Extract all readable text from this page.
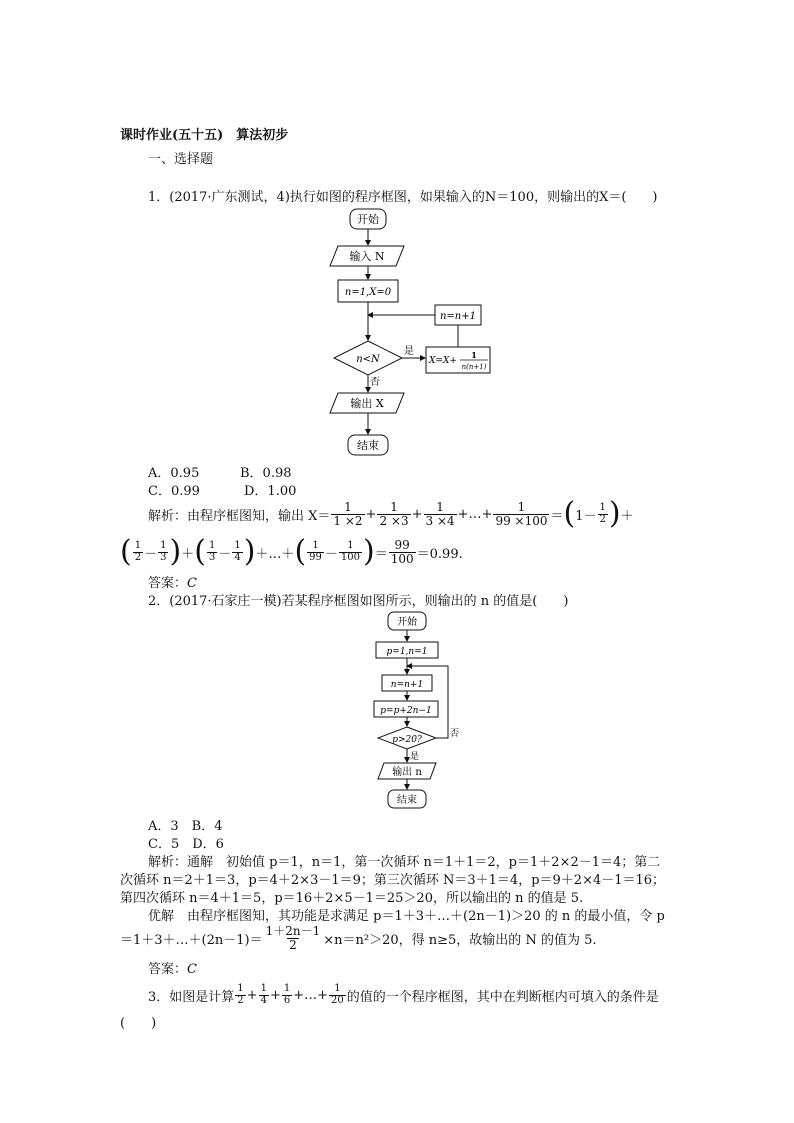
课时作业(五十五)　算法初步
一、选择题
1．(2017·广东测试，4)执行如图的程序框图，如果输入的N＝100，则输出的X＝(　　)
开始
输入 N
n=1,X=0
n=n+1
n<N
是
X=X+
1
n(n+1)
否
输出 X
结束
A．0.95	B．0.98
C．0.99	D．1.00
解析： 由程序框图知，输出 $X= \frac{1}{1 \times 2} + \frac{1}{2 \times 3} + \frac{1}{3 \times 4}$ +…+ $\frac{1}{99 \times 100}$ ＝ ( $1- \frac{1}{2}$ ) ＋
( $\frac{1}{2} - \frac{1}{3}$ ) ＋ ( $\frac{1}{3} - \frac{1}{4}$ ) ＋…＋ ( $\frac{1}{99} - \frac{1}{100}$ ) ＝ $\frac{99}{100} =0.99$.
答案：C
2．(2017·石家庄一模)若某程序框图如图所示，则输出的 n 的值是(　　)
开始
p=1,n=1
n=n+1
p=p+2n−1
p>20?
否
是
输出 n
结束
A．3　B．4
C．5　D．6
解析：通解　初始值 p＝1，n＝1，第一次循环 n＝1＋1＝2，p＝1＋2×2－1＝4；第二
次循环 n＝2＋1＝3，p＝4＋2×3－1＝9；第三次循环 N＝3＋1＝4，p＝9＋2×4－1＝16；
第四次循环 n＝4＋1＝5，p＝16＋2×5－1＝25＞20，所以输出的 n 的值是 5.
优解　由程序框图知，其功能是求满足 p＝1＋3＋…＋(2n－1)＞20 的 n 的最小值，令 p
＝1＋3＋…＋(2n－1)＝ $\frac{1+2n-1}{2} \times n=n^2>20$，得 n≥5，故输出的 N 的值为 5.
答案：C
3．如图是计算 $\frac{1}{2} + \frac{1}{4} + \frac{1}{6}$ +…+ $\frac{1}{20}$ 的值的一个程序框图，其中在判断框内可填入的条件是
(　　)
